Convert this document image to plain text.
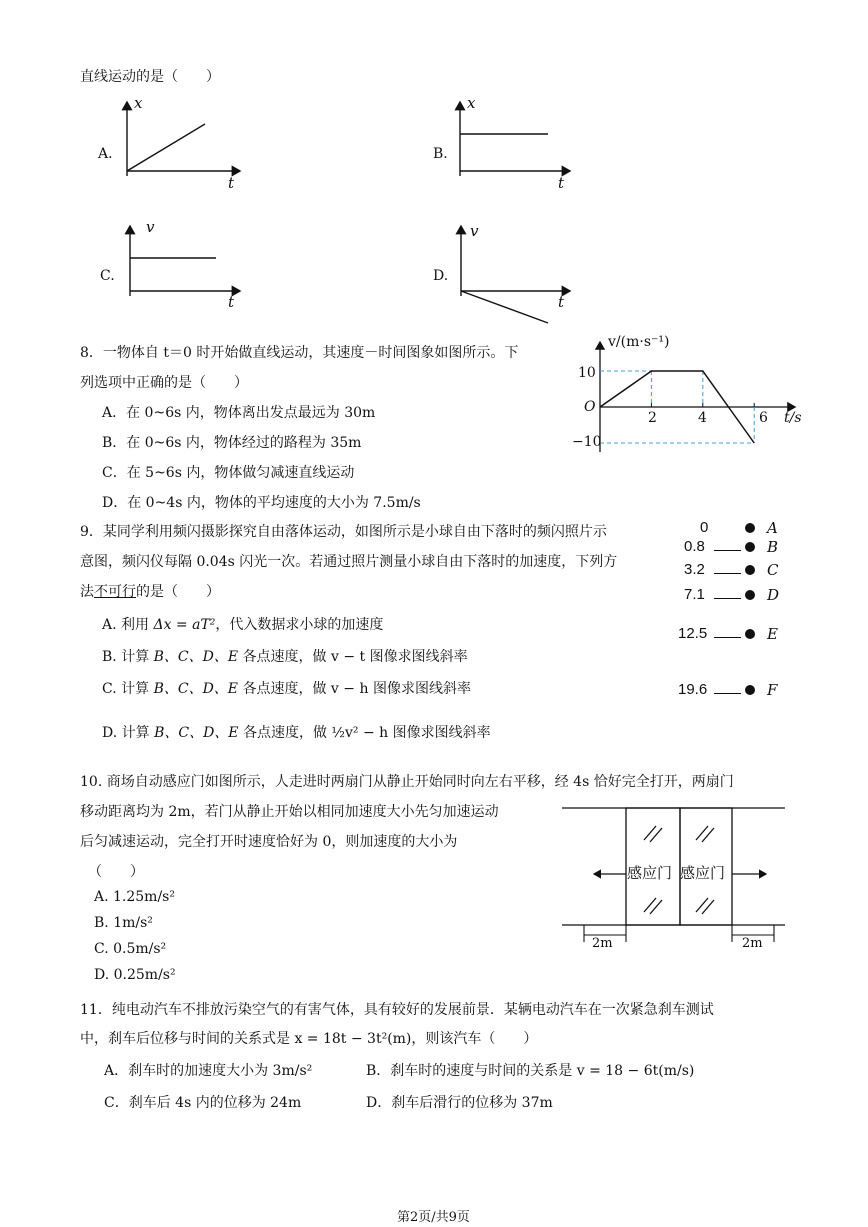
直线运动的是（　　）
A.
x
t
B.
x
t
C.
v
t
D.
v
t
8．一物体自 t＝0 时开始做直线运动，其速度－时间图象如图所示。下
列选项中正确的是（　　）
A．在 0~6s 内，物体离出发点最远为 30m
B．在 0~6s 内，物体经过的路程为 35m
C．在 5~6s 内，物体做匀减速直线运动
D．在 0~4s 内，物体的平均速度的大小为 7.5m/s
v/(m·s⁻¹)
t/s
O
10
−10
2	4	6
9．某同学利用频闪摄影探究自由落体运动，如图所示是小球自由下落时的频闪照片示
意图，频闪仪每隔 0.04s 闪光一次。若通过照片测量小球自由下落时的加速度，下列方
法不可行的是（　　）
A. 利用 Δx = aT²，代入数据求小球的加速度
B. 计算 B、C、D、E 各点速度，做 v − t 图像求图线斜率
C. 计算 B、C、D、E 各点速度，做 v − h 图像求图线斜率
D. 计算 B、C、D、E 各点速度，做 ½v² − h 图像求图线斜率
0	A
0.8	B
3.2	C
7.1	D
12.5	E
19.6	F
10. 商场自动感应门如图所示，人走进时两扇门从静止开始同时向左右平移，经 4s 恰好完全打开，两扇门
移动距离均为 2m，若门从静止开始以相同加速度大小先匀加速运动
后匀减速运动，完全打开时速度恰好为 0，则加速度的大小为
（　　）
A. 1.25m/s²
B. 1m/s²
C. 0.5m/s²
D. 0.25m/s²
感应门 感应门
2m	2m
11．纯电动汽车不排放污染空气的有害气体，具有较好的发展前景．某辆电动汽车在一次紧急刹车测试
中，刹车后位移与时间的关系式是 x = 18t − 3t²(m)，则该汽车（　　）
A．刹车时的加速度大小为 3m/s²	B．刹车时的速度与时间的关系是 v = 18 − 6t(m/s)
C．刹车后 4s 内的位移为 24m	D．刹车后滑行的位移为 37m
第2页/共9页
